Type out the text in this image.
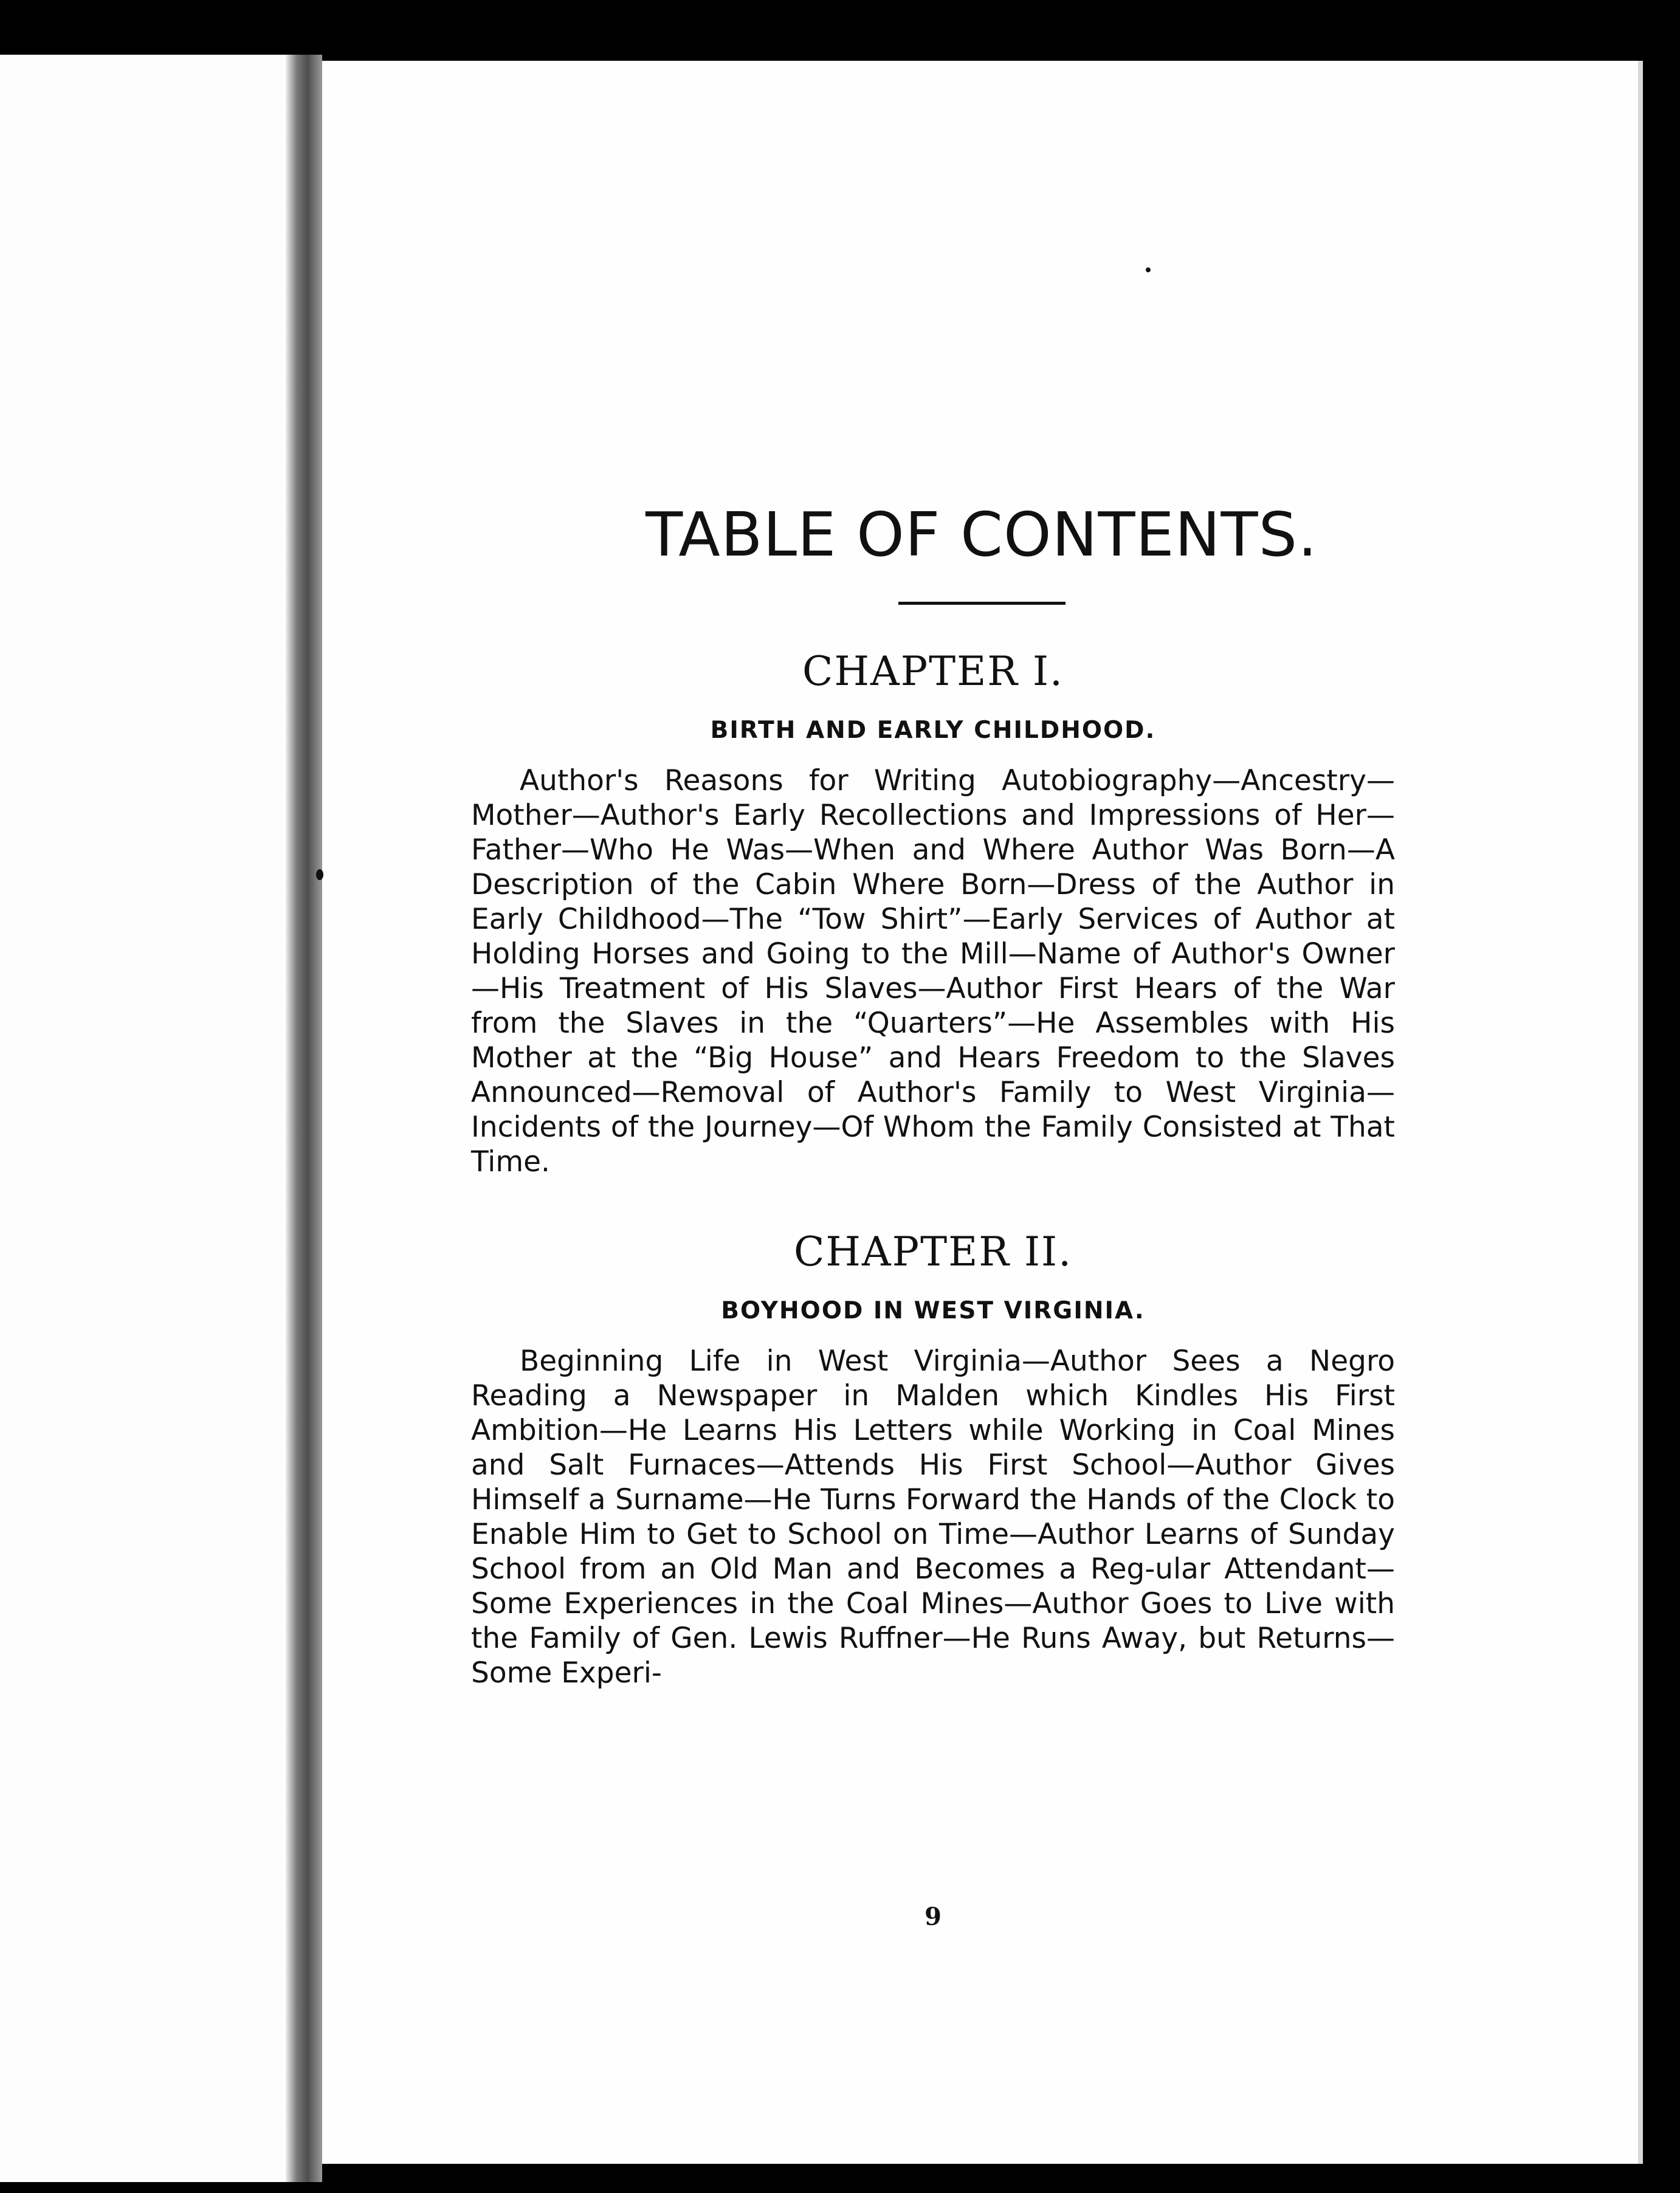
TABLE OF CONTENTS.
CHAPTER I.
BIRTH AND EARLY CHILDHOOD.

Author's Reasons for Writing Autobiography—Ancestry—Mother—Author's Early Recollections and Impressions of Her—Father—Who He Was—When and Where Author Was Born—A Description of the Cabin Where Born—Dress of the Author in Early Childhood—The “Tow Shirt”—Early Services of Author at Holding Horses and Going to the Mill—Name of Author's Owner—His Treatment of His Slaves—Author First Hears of the War from the Slaves in the “Quarters”—He Assembles with His Mother at the “Big House” and Hears Freedom to the Slaves Announced—Removal of Author's Family to West Virginia—Incidents of the Journey—Of Whom the Family Consisted at That Time.

CHAPTER II.
BOYHOOD IN WEST VIRGINIA.

Beginning Life in West Virginia—Author Sees a Negro Reading a Newspaper in Malden which Kindles His First Ambition—He Learns His Letters while Working in Coal Mines and Salt Furnaces—Attends His First School—Author Gives Himself a Surname—He Turns Forward the Hands of the Clock to Enable Him to Get to School on Time—Author Learns of Sunday School from an Old Man and Becomes a Reg-ular Attendant—Some Experiences in the Coal Mines—Author Goes to Live with the Family of Gen. Lewis Ruffner—He Runs Away, but Returns—Some Experi-

9
